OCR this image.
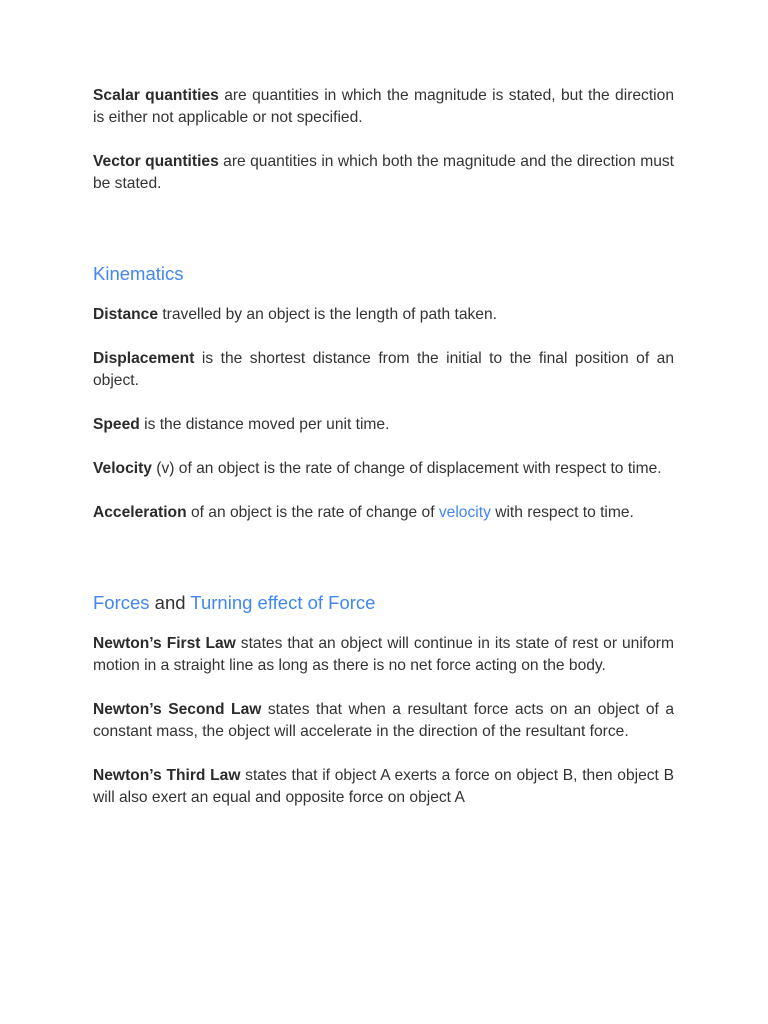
Scalar quantities are quantities in which the magnitude is stated, but the direction is either not applicable or not specified.

Vector quantities are quantities in which both the magnitude and the direction must be stated.

Kinematics

Distance travelled by an object is the length of path taken.

Displacement is the shortest distance from the initial to the final position of an object.

Speed is the distance moved per unit time.

Velocity (v) of an object is the rate of change of displacement with respect to time.

Acceleration of an object is the rate of change of velocity with respect to time.

Forces and Turning effect of Force

Newton’s First Law states that an object will continue in its state of rest or uniform motion in a straight line as long as there is no net force acting on the body.

Newton’s Second Law states that when a resultant force acts on an object of a constant mass, the object will accelerate in the direction of the resultant force.

Newton’s Third Law states that if object A exerts a force on object B, then object B will also exert an equal and opposite force on object A
